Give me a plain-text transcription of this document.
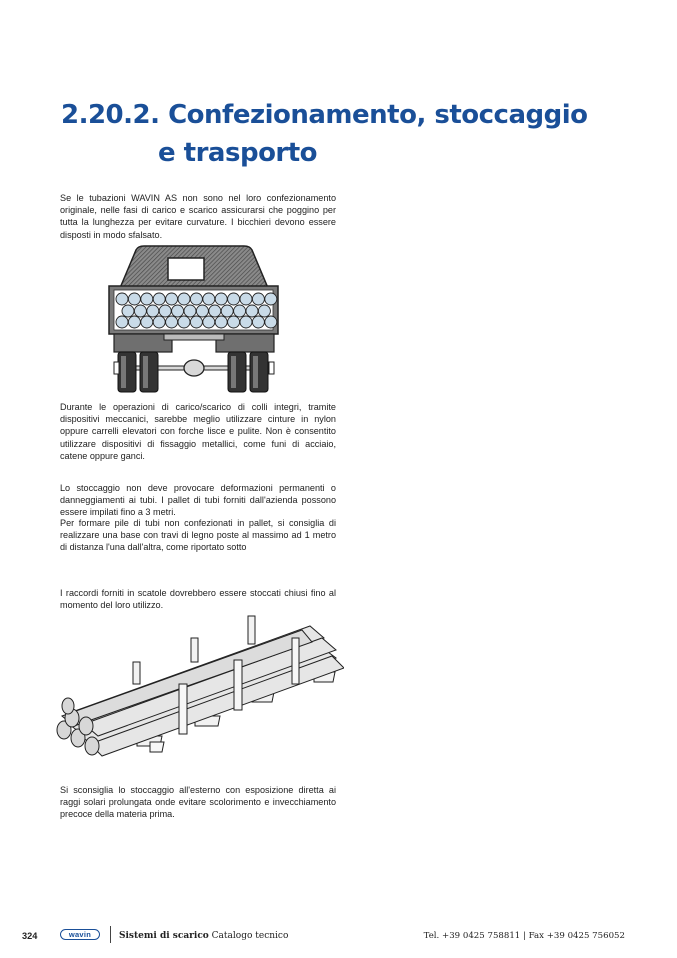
2.20.2. Confezionamento, stoccaggio
e trasporto

Se le tubazioni WAVIN AS non sono nel loro confezionamento originale, nelle fasi di carico e scarico assicurarsi che poggino per tutta la lunghezza per evitare curvature. I bicchieri devono essere disposti in modo sfalsato.

Durante le operazioni di carico/scarico di colli integri, tramite dispositivi meccanici, sarebbe meglio utilizzare cinture in nylon oppure carrelli elevatori con forche lisce e pulite. Non è consentito utilizzare dispositivi di fissaggio metallici, come funi di acciaio, catene oppure ganci.

Lo stoccaggio non deve provocare deformazioni permanenti o danneggiamenti ai tubi. I pallet di tubi forniti dall'azienda possono essere impilati fino a 3 metri.

Per formare pile di tubi non confezionati in pallet, si consiglia di realizzare una base con travi di legno poste al massimo ad 1 metro di distanza l'una dall'altra, come riportato sotto

I raccordi forniti in scatole dovrebbero essere stoccati chiusi fino al momento del loro utilizzo.

Si sconsiglia lo stoccaggio all'esterno con esposizione diretta ai raggi solari prolungata onde evitare scolorimento e invecchiamento precoce della materia prima.

324	wavin	Sistemi di scarico Catalogo tecnico	Tel. +39 0425 758811 | Fax +39 0425 756052
